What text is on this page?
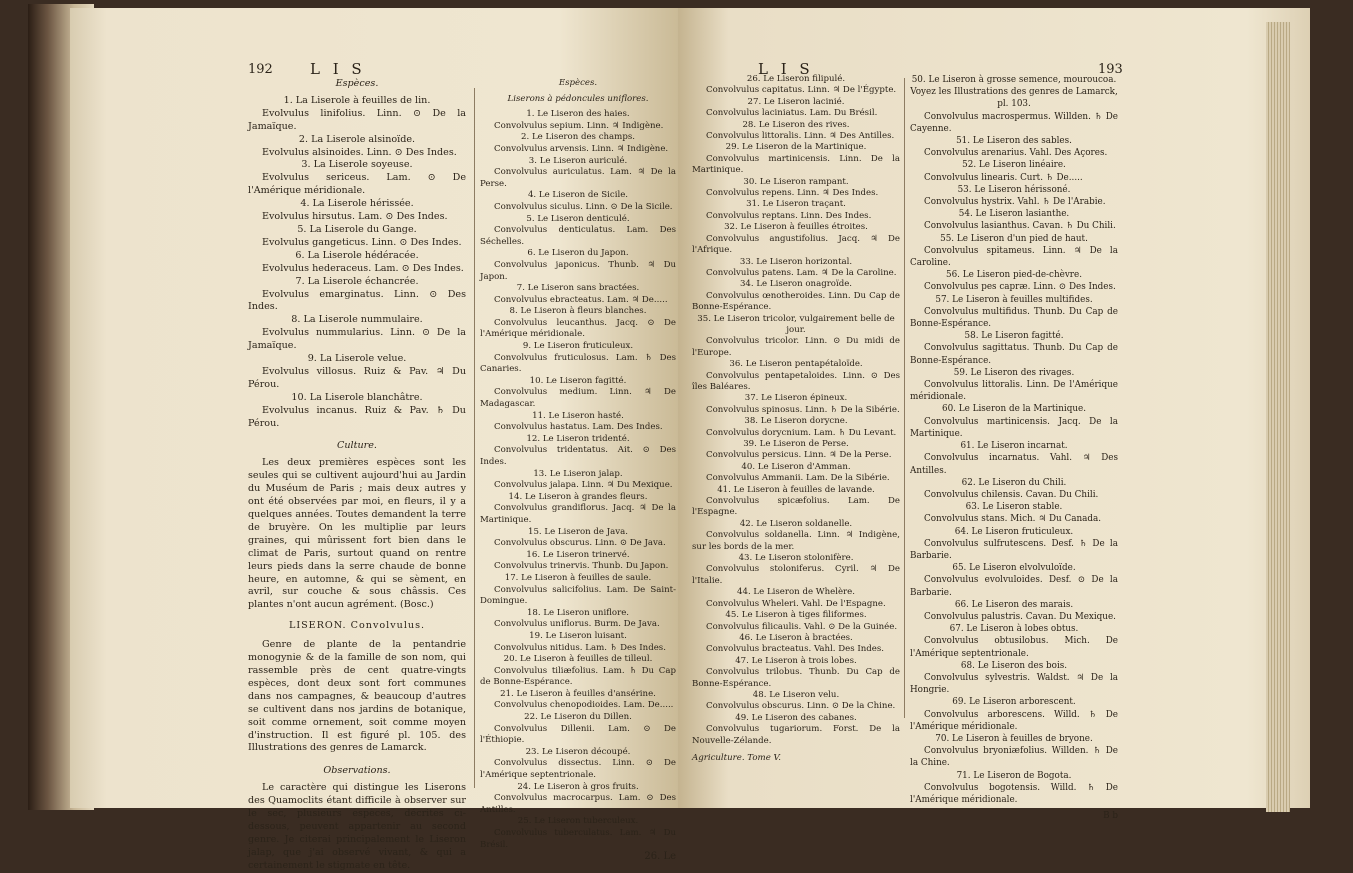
192 L I S

Espèces.

1. La Liserole à feuilles de lin.

Evolvulus linifolius. Linn. ⊙ De la Jamaïque.

2. La Liserole alsinoïde.

Evolvulus alsinoides. Linn. ⊙ Des Indes.

3. La Liserole soyeuse.

Evolvulus sericeus. Lam. ⊙ De l'Amérique méridionale.

4. La Liserole hérissée.

Evolvulus hirsutus. Lam. ⊙ Des Indes.

5. La Liserole du Gange.

Evolvulus gangeticus. Linn. ⊙ Des Indes.

6. La Liserole hédéracée.

Evolvulus hederaceus. Lam. ⊙ Des Indes.

7. La Liserole échancrée.

Evolvulus emarginatus. Linn. ⊙ Des Indes.

8. La Liserole nummulaire.

Evolvulus nummularius. Linn. ⊙ De la Jamaïque.

9. La Liserole velue.

Evolvulus villosus. Ruiz & Pav. ♃ Du Pérou.

10. La Liserole blanchâtre.

Evolvulus incanus. Ruiz & Pav. ♄ Du Pérou.

Culture.

Les deux premières espèces sont les seules qui se cultivent aujourd'hui au Jardin du Muséum de Paris ; mais deux autres y ont été observées par moi, en fleurs, il y a quelques années. Toutes demandent la terre de bruyère. On les multiplie par leurs graines, qui mûrissent fort bien dans le climat de Paris, surtout quand on rentre leurs pieds dans la serre chaude de bonne heure, en automne, & qui se sèment, en avril, sur couche & sous châssis. Ces plantes n'ont aucun agrément. (Bosc.)

LISERON. Convolvulus.

Genre de plante de la pentandrie monogynie & de la famille de son nom, qui rassemble près de cent quatre-vingts espèces, dont deux sont fort communes dans nos campagnes, & beaucoup d'autres se cultivent dans nos jardins de botanique, soit comme ornement, soit comme moyen d'instruction. Il est figuré pl. 105. des Illustrations des genres de Lamarck.

Observations.

Le caractère qui distingue les Liserons des Quamoclits étant difficile à observer sur le sec, plusieurs espèces, décrites ci-dessous, peuvent appartenir au second genre. Je citerai principalement le Liseron jalap, que j'ai observé vivant, & qui a certainement le stigmate en tête.

Espèces.

Liserons à pédoncules uniflores.

1. Le Liseron des haies.

Convolvulus sepium. Linn. ♃ Indigène.

2. Le Liseron des champs.

Convolvulus arvensis. Linn. ♃ Indigène.

3. Le Liseron auriculé.

Convolvulus auriculatus. Lam. ♃ De la Perse.

4. Le Liseron de Sicile.

Convolvulus siculus. Linn. ⊙ De la Sicile.

5. Le Liseron denticulé.

Convolvulus denticulatus. Lam. Des Séchelles.

6. Le Liseron du Japon.

Convolvulus japonicus. Thunb. ♃ Du Japon.

7. Le Liseron sans bractées.

Convolvulus ebracteatus. Lam. ♃ De.....

8. Le Liseron à fleurs blanches.

Convolvulus leucanthus. Jacq. ⊙ De l'Amérique méridionale.

9. Le Liseron fruticuleux.

Convolvulus fruticulosus. Lam. ♄ Des Canaries.

10. Le Liseron fagitté.

Convolvulus medium. Linn. ♃ De Madagascar.

11. Le Liseron hasté.

Convolvulus hastatus. Lam. Des Indes.

12. Le Liseron tridenté.

Convolvulus tridentatus. Ait. ⊙ Des Indes.

13. Le Liseron jalap.

Convolvulus jalapa. Linn. ♃ Du Mexique.

14. Le Liseron à grandes fleurs.

Convolvulus grandiflorus. Jacq. ♃ De la Martinique.

15. Le Liseron de Java.

Convolvulus obscurus. Linn. ⊙ De Java.

16. Le Liseron trinervé.

Convolvulus trinervis. Thunb. Du Japon.

17. Le Liseron à feuilles de saule.

Convolvulus salicifolius. Lam. De Saint-Domingue.

18. Le Liseron uniflore.

Convolvulus uniflorus. Burm. De Java.

19. Le Liseron luisant.

Convolvulus nitidus. Lam. ♄ Des Indes.

20. Le Liseron à feuilles de tilleul.

Convolvulus tiliæfolius. Lam. ♄ Du Cap de Bonne-Espérance.

21. Le Liseron à feuilles d'ansérine.

Convolvulus chenopodioides. Lam. De.....

22. Le Liseron du Dillen.

Convolvulus Dillenii. Lam. ⊙ De l'Éthiopie.

23. Le Liseron découpé.

Convolvulus dissectus. Linn. ⊙ De l'Amérique septentrionale.

24. Le Liseron à gros fruits.

Convolvulus macrocarpus. Lam. ⊙ Des Antilles.

25. Le Liseron tuberculeux.

Convolvulus tuberculatus. Lam. ♃ Du Brésil.

26. Le

L I S	193

26. Le Liseron filipulé.

Convolvulus capitatus. Linn. ♃ De l'Égypte.

27. Le Liseron lacinié.

Convolvulus laciniatus. Lam. Du Brésil.

28. Le Liseron des rives.

Convolvulus littoralis. Linn. ♃ Des Antilles.

29. Le Liseron de la Martinique.

Convolvulus martinicensis. Linn. De la Martinique.

30. Le Liseron rampant.

Convolvulus repens. Linn. ♃ Des Indes.

31. Le Liseron traçant.

Convolvulus reptans. Linn. Des Indes.

32. Le Liseron à feuilles étroites.

Convolvulus angustifolius. Jacq. ♃ De l'Afrique.

33. Le Liseron horizontal.

Convolvulus patens. Lam. ♃ De la Caroline.

34. Le Liseron onagroïde.

Convolvulus œnotheroides. Linn. Du Cap de Bonne-Espérance.

35. Le Liseron tricolor, vulgairement belle de jour.

Convolvulus tricolor. Linn. ⊙ Du midi de l'Europe.

36. Le Liseron pentapétaloïde.

Convolvulus pentapetaloides. Linn. ⊙ Des îles Baléares.

37. Le Liseron épineux.

Convolvulus spinosus. Linn. ♄ De la Sibérie.

38. Le Liseron dorycne.

Convolvulus dorycnium. Lam. ♄ Du Levant.

39. Le Liseron de Perse.

Convolvulus persicus. Linn. ♃ De la Perse.

40. Le Liseron d'Amman.

Convolvulus Ammanii. Lam. De la Sibérie.

41. Le Liseron à feuilles de lavande.

Convolvulus spicæfolius. Lam. De l'Espagne.

42. Le Liseron soldanelle.

Convolvulus soldanella. Linn. ♃ Indigène, sur les bords de la mer.

43. Le Liseron stolonifère.

Convolvulus stoloniferus. Cyril. ♃ De l'Italie.

44. Le Liseron de Whelère.

Convolvulus Wheleri. Vahl. De l'Espagne.

45. Le Liseron à tiges filiformes.

Convolvulus filicaulis. Vahl. ⊙ De la Guinée.

46. Le Liseron à bractées.

Convolvulus bracteatus. Vahl. Des Indes.

47. Le Liseron à trois lobes.

Convolvulus trilobus. Thunb. Du Cap de Bonne-Espérance.

48. Le Liseron velu.

Convolvulus obscurus. Linn. ⊙ De la Chine.

49. Le Liseron des cabanes.

Convolvulus tugariorum. Forst. De la Nouvelle-Zélande.

Agriculture. Tome V.

50. Le Liseron à grosse semence, mouroucoa. Voyez les Illustrations des genres de Lamarck, pl. 103.

Convolvulus macrospermus. Willden. ♄ De Cayenne.

51. Le Liseron des sables.

Convolvulus arenarius. Vahl. Des Açores.

52. Le Liseron linéaire.

Convolvulus linearis. Curt. ♄ De.....

53. Le Liseron hérissoné.

Convolvulus hystrix. Vahl. ♄ De l'Arabie.

54. Le Liseron lasianthe.

Convolvulus lasianthus. Cavan. ♄ Du Chili.

55. Le Liseron d'un pied de haut.

Convolvulus spitameus. Linn. ♃ De la Caroline.

56. Le Liseron pied-de-chèvre.

Convolvulus pes capræ. Linn. ⊙ Des Indes.

57. Le Liseron à feuilles multifides.

Convolvulus multifidus. Thunb. Du Cap de Bonne-Espérance.

58. Le Liseron fagitté.

Convolvulus sagittatus. Thunb. Du Cap de Bonne-Espérance.

59. Le Liseron des rivages.

Convolvulus littoralis. Linn. De l'Amérique méridionale.

60. Le Liseron de la Martinique.

Convolvulus martinicensis. Jacq. De la Martinique.

61. Le Liseron incarnat.

Convolvulus incarnatus. Vahl. ♃ Des Antilles.

62. Le Liseron du Chili.

Convolvulus chilensis. Cavan. Du Chili.

63. Le Liseron stable.

Convolvulus stans. Mich. ♃ Du Canada.

64. Le Liseron fruticuleux.

Convolvulus sulfrutescens. Desf. ♄ De la Barbarie.

65. Le Liseron elvolvuloïde.

Convolvulus evolvuloides. Desf. ⊙ De la Barbarie.

66. Le Liseron des marais.

Convolvulus palustris. Cavan. Du Mexique.

67. Le Liseron à lobes obtus.

Convolvulus obtusilobus. Mich. De l'Amérique septentrionale.

68. Le Liseron des bois.

Convolvulus sylvestris. Waldst. ♃ De la Hongrie.

69. Le Liseron arborescent.

Convolvulus arborescens. Willd. ♄ De l'Amérique méridionale.

70. Le Liseron à feuilles de bryone.

Convolvulus bryoniæfolius. Willden. ♄ De la Chine.

71. Le Liseron de Bogota.

Convolvulus bogotensis. Willd. ♄ De l'Amérique méridionale.

B b
